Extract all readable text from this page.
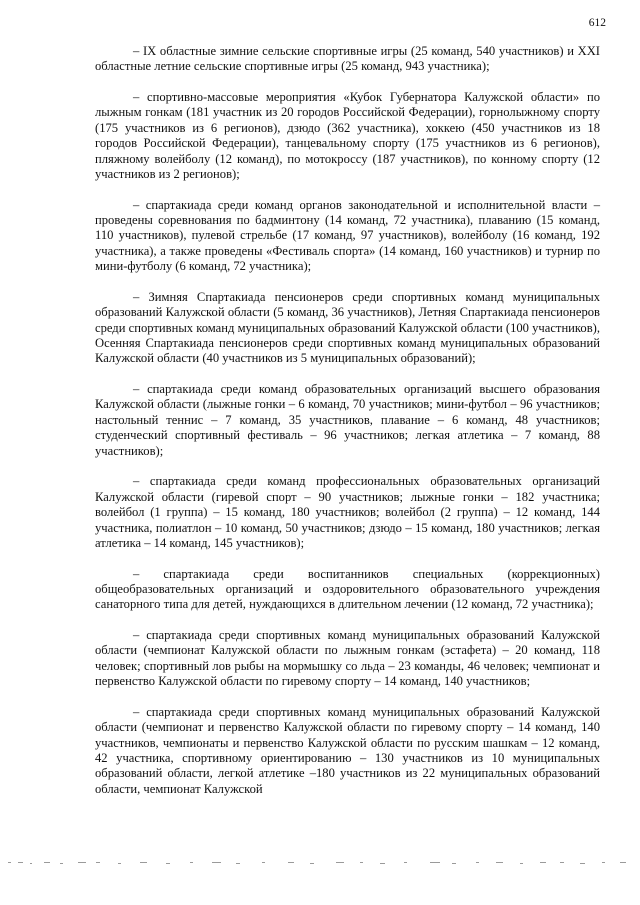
612

– IX областные зимние сельские спортивные игры (25 команд, 540 участников) и XXI областные летние сельские спортивные игры (25 команд, 943 участника);

– спортивно-массовые мероприятия «Кубок Губернатора Калужской области» по лыжным гонкам (181 участник из 20 городов Российской Федерации), горнолыжному спорту (175 участников из 6 регионов), дзюдо (362 участника), хоккею (450 участников из 18 городов Российской Федерации), танцевальному спорту (175 участников из 6 регионов), пляжному волейболу (12 команд), по мотокроссу (187 участников), по конному спорту (12 участников из 2 регионов);

– спартакиада среди команд органов законодательной и исполнительной власти – проведены соревнования по бадминтону (14 команд, 72 участника), плаванию (15 команд, 110 участников), пулевой стрельбе (17 команд, 97 участников), волейболу (16 команд, 192 участника), а также проведены «Фестиваль спорта» (14 команд, 160 участников) и турнир по мини-футболу (6 команд, 72 участника);

– Зимняя Спартакиада пенсионеров среди спортивных команд муниципальных образований Калужской области (5 команд, 36 участников), Летняя Спартакиада пенсионеров среди спортивных команд муниципальных образований Калужской области (100 участников), Осенняя Спартакиада пенсионеров среди спортивных команд муниципальных образований Калужской области (40 участников из 5 муниципальных образований);

– спартакиада среди команд образовательных организаций высшего образования Калужской области (лыжные гонки – 6 команд, 70 участников; мини-футбол – 96 участников; настольный теннис – 7 команд, 35 участников, плавание – 6 команд, 48 участников; студенческий спортивный фестиваль – 96 участников; легкая атлетика – 7 команд, 88 участников);

– спартакиада среди команд профессиональных образовательных организаций Калужской области (гиревой спорт – 90 участников; лыжные гонки – 182 участника; волейбол (1 группа) – 15 команд, 180 участников; волейбол (2 группа) – 12 команд, 144 участника, полиатлон – 10 команд, 50 участников; дзюдо – 15 команд, 180 участников; легкая атлетика – 14 команд, 145 участников);

– спартакиада среди воспитанников специальных (коррекционных) общеобразовательных организаций и оздоровительного образовательного учреждения санаторного типа для детей, нуждающихся в длительном лечении (12 команд, 72 участника);

– спартакиада среди спортивных команд муниципальных образований Калужской области (чемпионат Калужской области по лыжным гонкам (эстафета) – 20 команд, 118 человек; спортивный лов рыбы на мормышку со льда – 23 команды, 46 человек; чемпионат и первенство Калужской области по гиревому спорту – 14 команд, 140 участников;

– спартакиада среди спортивных команд муниципальных образований Калужской области (чемпионат и первенство Калужской области по гиревому спорту – 14 команд, 140 участников, чемпионаты и первенство Калужской области по русским шашкам – 12 команд, 42 участника, спортивному ориентированию – 130 участников из 10 муниципальных образований области, легкой атлетике –180 участников из 22 муниципальных образований области, чемпионат Калужской
